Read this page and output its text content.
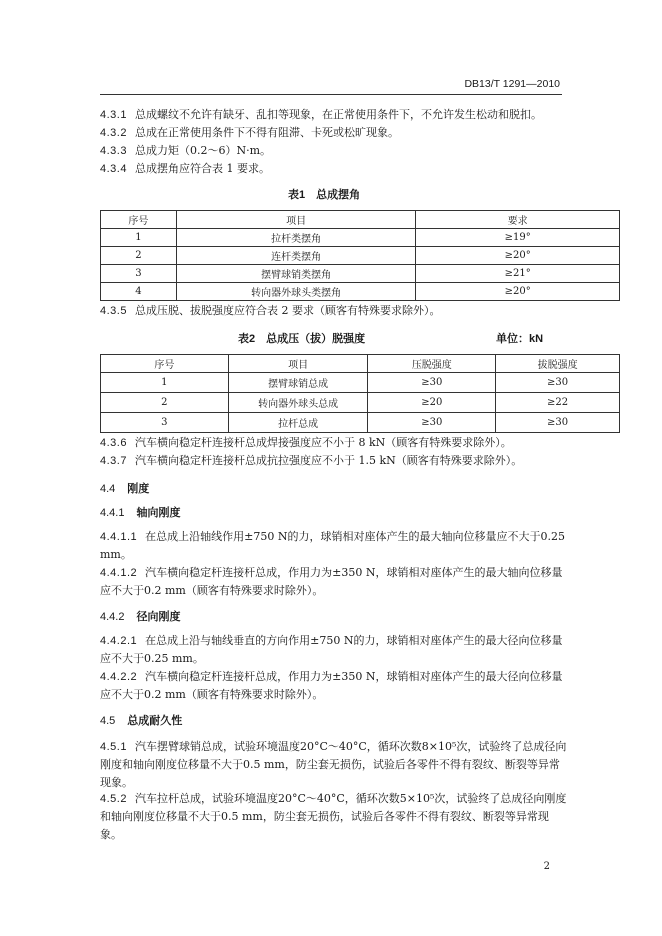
DB13/T 1291—2010
4.3.1 总成螺纹不允许有缺牙、乱扣等现象，在正常使用条件下，不允许发生松动和脱扣。
4.3.2 总成在正常使用条件下不得有阻滞、卡死或松旷现象。
4.3.3 总成力矩（0.2～6）N·m。
4.3.4 总成摆角应符合表 1 要求。
表1　总成摆角
序号	项目	要求
1	拉杆类摆角	≥19°
2	连杆类摆角	≥20°
3	摆臂球销类摆角	≥21°
4	转向器外球头类摆角	≥20°
4.3.5 总成压脱、拔脱强度应符合表 2 要求（顾客有特殊要求除外）。
表2　总成压（拔）脱强度	单位：kN
序号	项目	压脱强度	拔脱强度
1	摆臂球销总成	≥30	≥30
2	转向器外球头总成	≥20	≥22
3	拉杆总成	≥30	≥30
4.3.6 汽车横向稳定杆连接杆总成焊接强度应不小于 8 kN（顾客有特殊要求除外）。
4.3.7 汽车横向稳定杆连接杆总成抗拉强度应不小于 1.5 kN（顾客有特殊要求除外）。
4.4 刚度
4.4.1 轴向刚度
4.4.1.1 在总成上沿轴线作用±750 N的力，球销相对座体产生的最大轴向位移量应不大于0.25 mm。
4.4.1.2 汽车横向稳定杆连接杆总成，作用力为±350 N，球销相对座体产生的最大轴向位移量应不大于0.2 mm（顾客有特殊要求时除外）。
4.4.2 径向刚度
4.4.2.1 在总成上沿与轴线垂直的方向作用±750 N的力，球销相对座体产生的最大径向位移量应不大于0.25 mm。
4.4.2.2 汽车横向稳定杆连接杆总成，作用力为±350 N，球销相对座体产生的最大径向位移量应不大于0.2 mm（顾客有特殊要求时除外）。
4.5 总成耐久性
4.5.1 汽车摆臂球销总成，试验环境温度20°C～40°C，循环次数8×10⁵次，试验终了总成径向刚度和轴向刚度位移量不大于0.5 mm，防尘套无损伤，试验后各零件不得有裂纹、断裂等异常现象。
4.5.2 汽车拉杆总成，试验环境温度20°C～40°C，循环次数5×10⁵次，试验终了总成径向刚度和轴向刚度位移量不大于0.5 mm，防尘套无损伤，试验后各零件不得有裂纹、断裂等异常现象。
2
